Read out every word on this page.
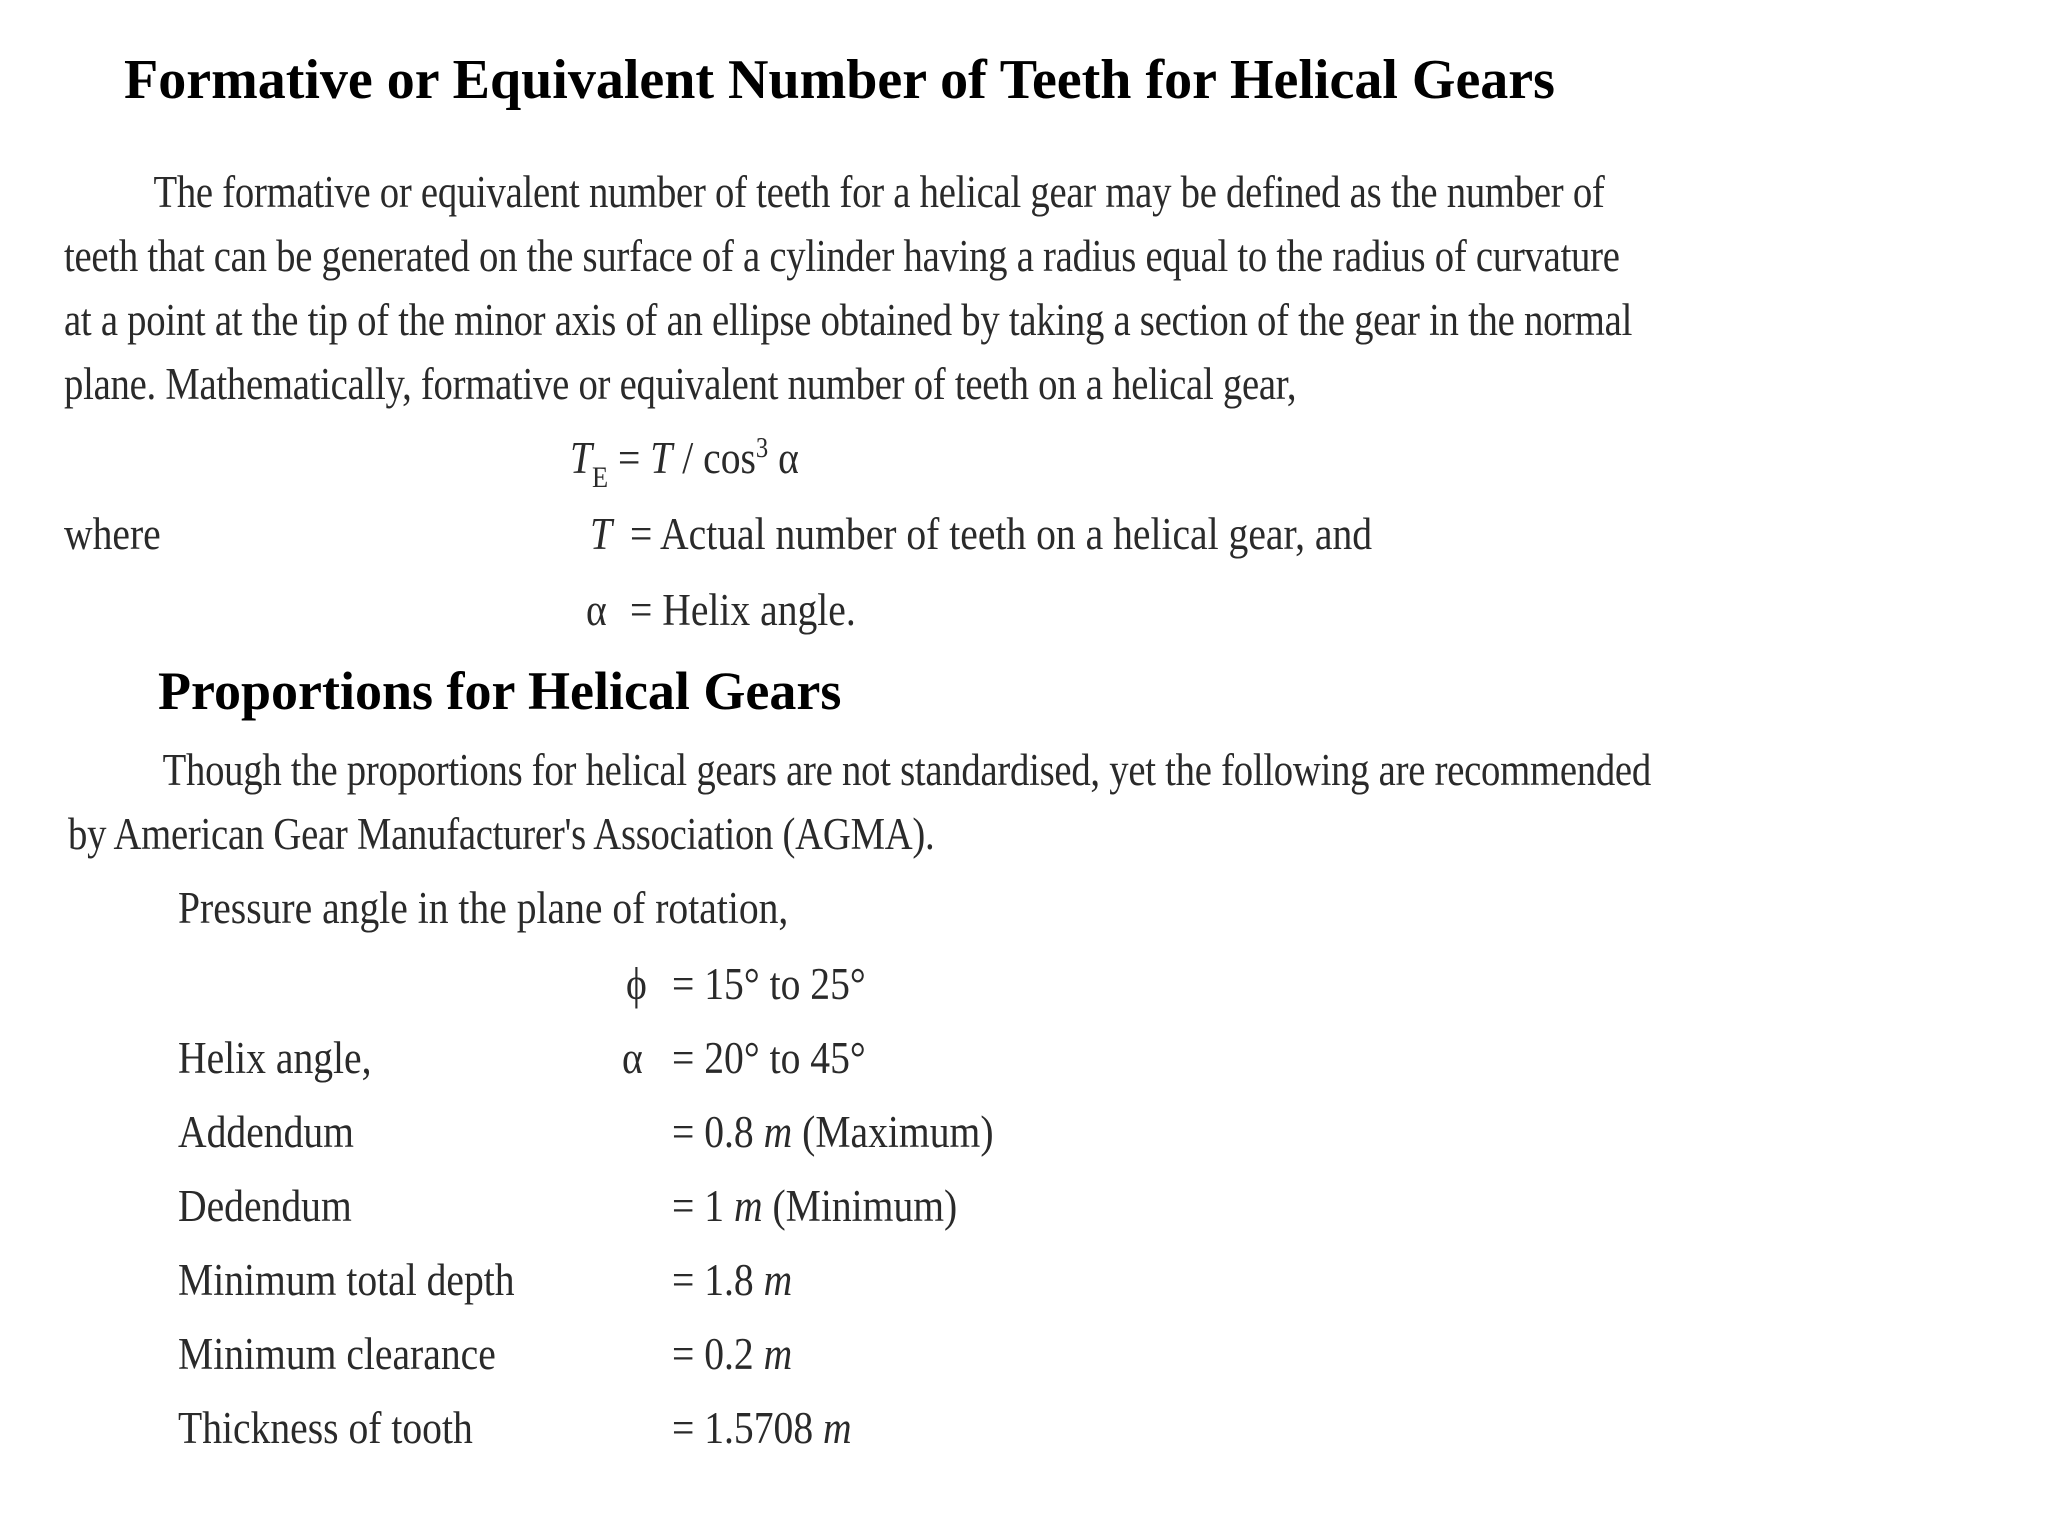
Formative or Equivalent Number of Teeth for Helical Gears
The formative or equivalent number of teeth for a helical gear may be defined as the number of
teeth that can be generated on the surface of a cylinder having a radius equal to the radius of curvature
at a point at the tip of the minor axis of an ellipse obtained by taking a section of the gear in the normal
plane. Mathematically, formative or equivalent number of teeth on a helical gear,
$T_E = T / \cos^3 \alpha$
where	T = Actual number of teeth on a helical gear, and
α = Helix angle.
Proportions for Helical Gears
Though the proportions for helical gears are not standardised, yet the following are recommended
by American Gear Manufacturer's Association (AGMA).
Pressure angle in the plane of rotation,
ϕ = 15° to 25°
Helix angle,	α = 20° to 45°
Addendum	= 0.8 m (Maximum)
Dedendum	= 1 m (Minimum)
Minimum total depth	= 1.8 m
Minimum clearance	= 0.2 m
Thickness of tooth	= 1.5708 m
